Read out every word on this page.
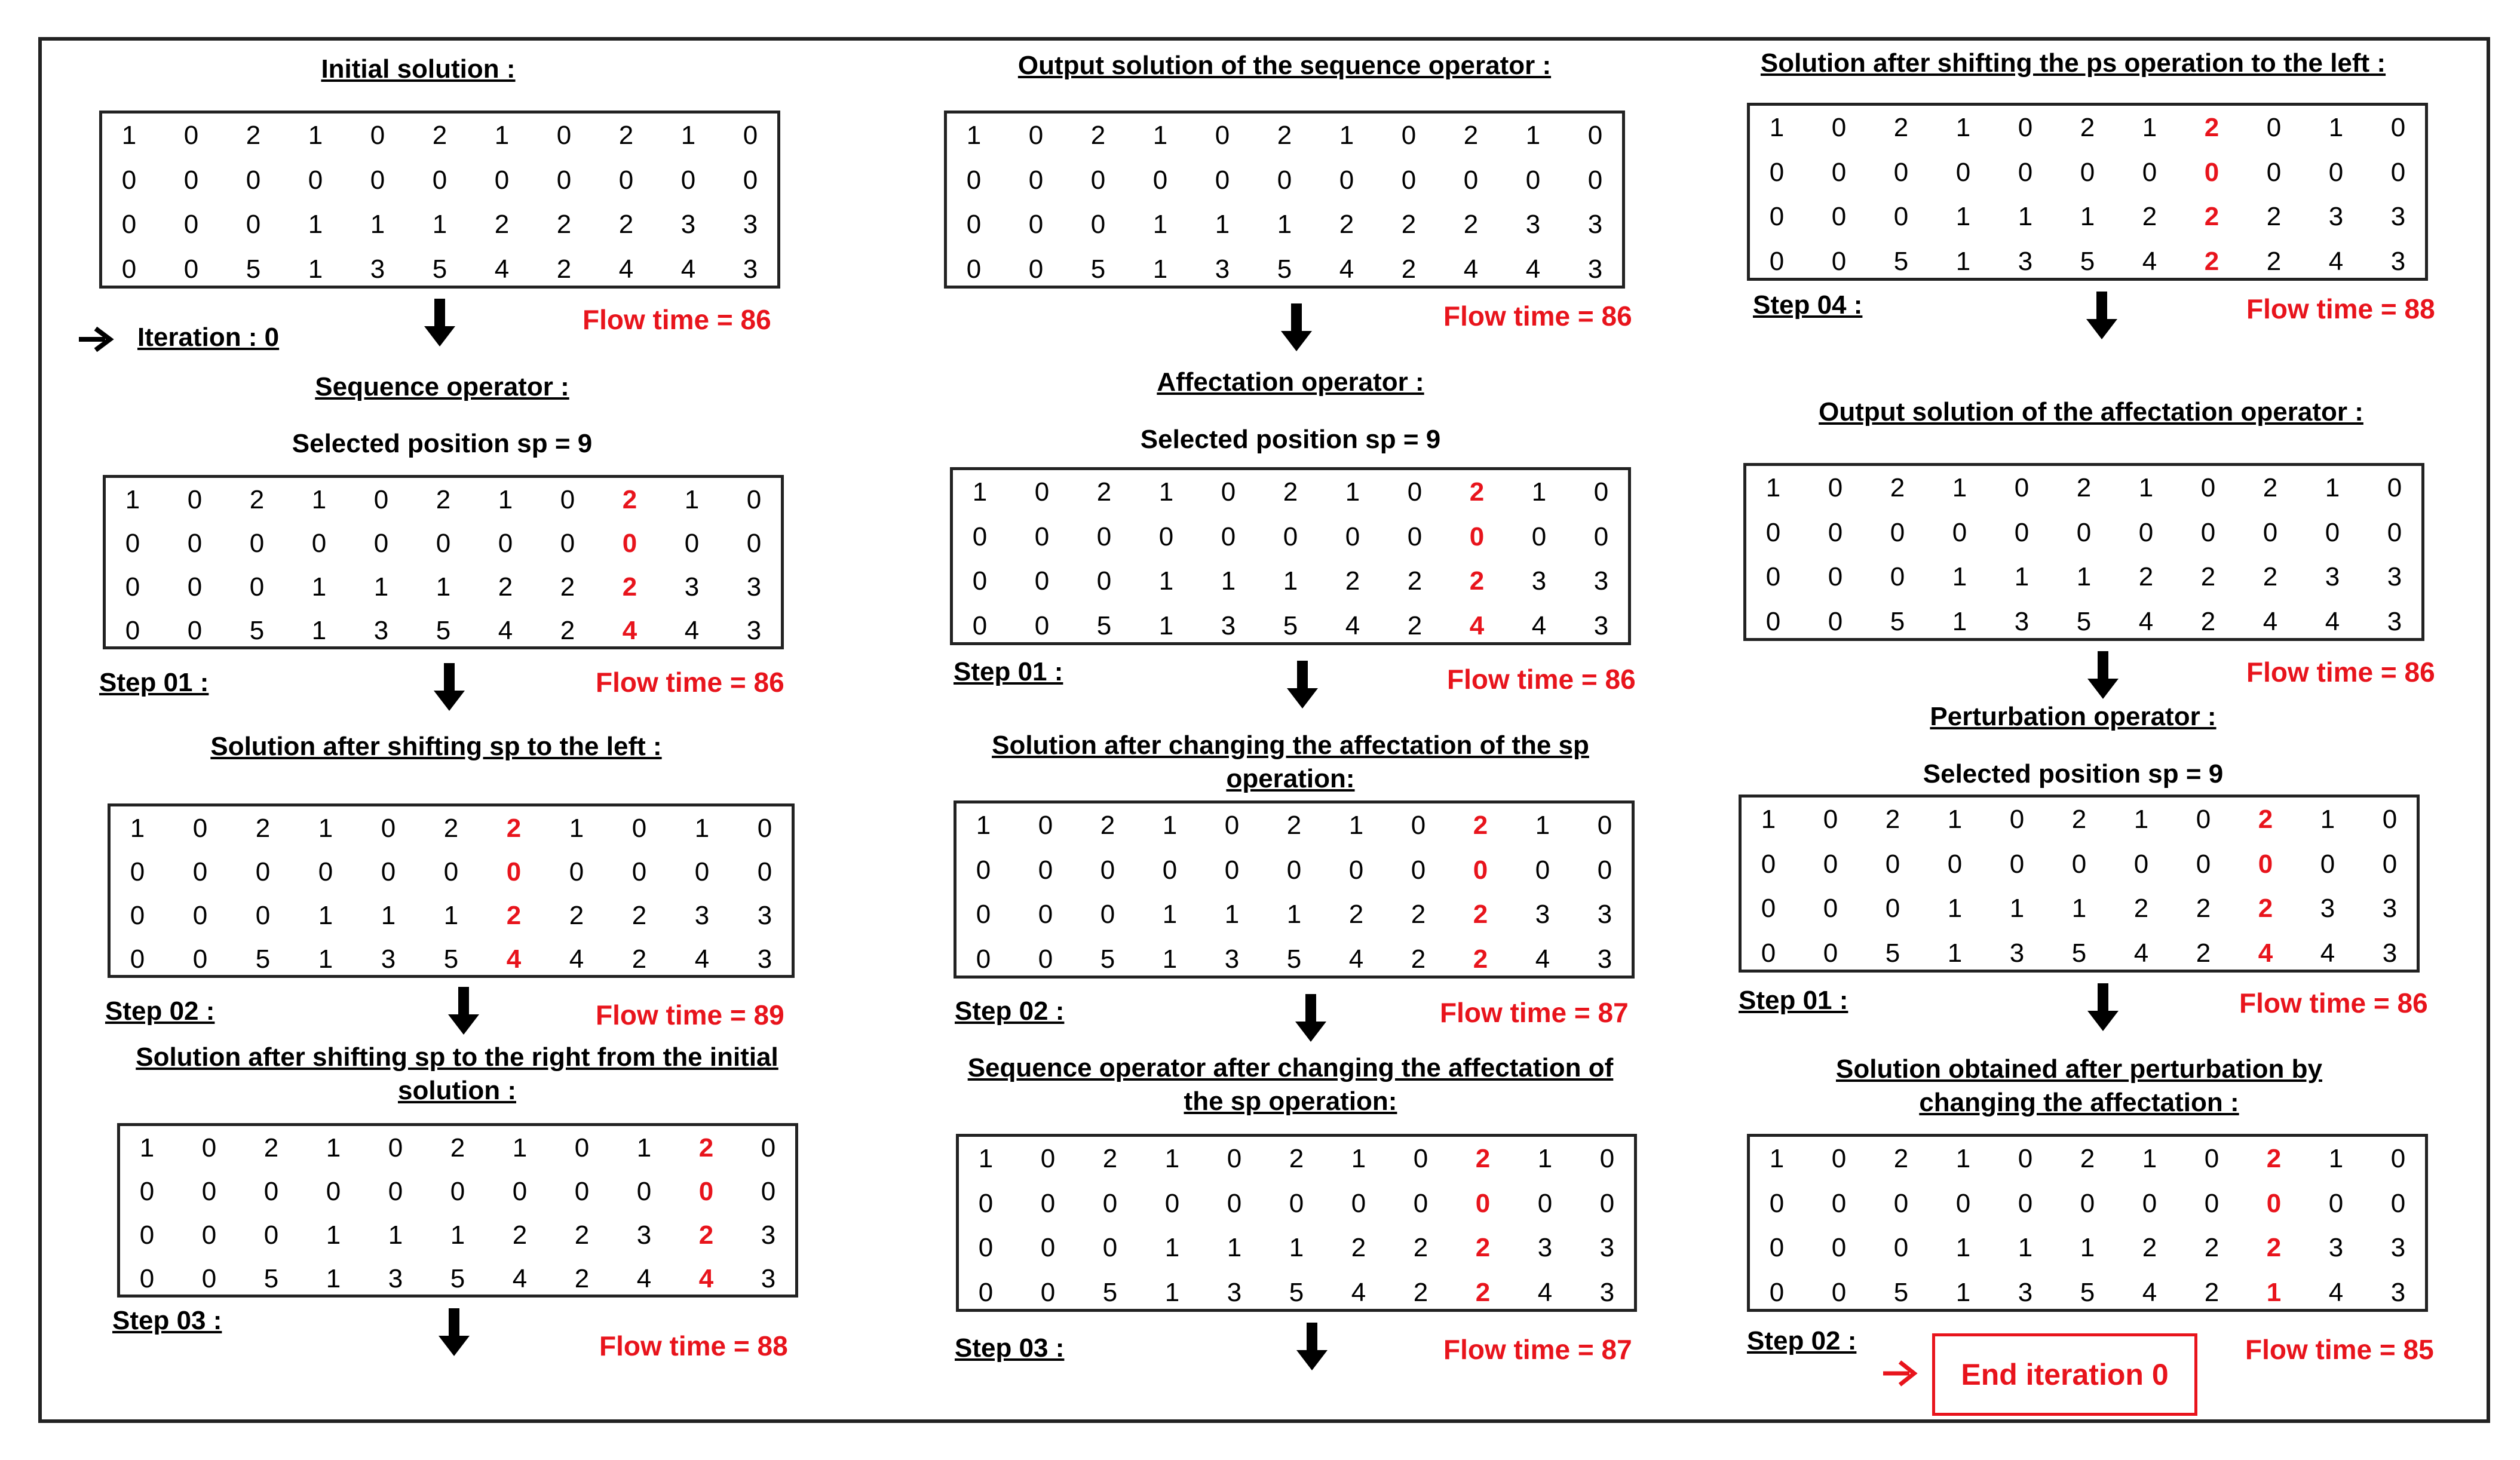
Initial solution :
1 0 2 1 0 2 1 0 2 1 0
0 0 0 0 0 0 0 0 0 0 0
0 0 0 1 1 1 2 2 2 3 3
0 0 5 1 3 5 4 2 4 4 3
Flow time = 86
Sequence operator :
Selected position sp = 9
1 0 2 1 0 2 1 0 2 1 0
0 0 0 0 0 0 0 0 0 0 0
0 0 0 1 1 1 2 2 2 3 3
0 0 5 1 3 5 4 2 4 4 3
Step 01 :	Flow time = 86
Solution after shifting sp to the left :
1 0 2 1 0 2 2 1 0 1 0
0 0 0 0 0 0 0 0 0 0 0
0 0 0 1 1 1 2 2 2 3 3
0 0 5 1 3 5 4 4 2 4 3
Step 02 :	Flow time = 89
Solution after shifting sp to the right from the initial solution :
1 0 2 1 0 2 1 0 1 2 0
0 0 0 0 0 0 0 0 0 0 0
0 0 0 1 1 1 2 2 3 2 3
0 0 5 1 3 5 4 2 4 4 3
Step 03 :
Flow time = 88
Output solution of the sequence operator :
1 0 2 1 0 2 1 0 2 1 0
0 0 0 0 0 0 0 0 0 0 0
0 0 0 1 1 1 2 2 2 3 3
0 0 5 1 3 5 4 2 4 4 3
Flow time = 86
Affectation operator :
Selected position sp = 9
1 0 2 1 0 2 1 0 2 1 0
0 0 0 0 0 0 0 0 0 0 0
0 0 0 1 1 1 2 2 2 3 3
0 0 5 1 3 5 4 2 4 4 3
Step 01 :	Flow time = 86
Solution after changing the affectation of the sp operation:
1 0 2 1 0 2 1 0 2 1 0
0 0 0 0 0 0 0 0 0 0 0
0 0 0 1 1 1 2 2 2 3 3
0 0 5 1 3 5 4 2 2 4 3
Step 02 :	Flow time = 87
Sequence operator after changing the affectation of the sp operation:
1 0 2 1 0 2 1 0 2 1 0
0 0 0 0 0 0 0 0 0 0 0
0 0 0 1 1 1 2 2 2 3 3
0 0 5 1 3 5 4 2 2 4 3
Step 03 :	Flow time = 87
Solution after shifting the ps operation to the left :
1 0 2 1 0 2 1 2 0 1 0
0 0 0 0 0 0 0 0 0 0 0
0 0 0 1 1 1 2 2 2 3 3
0 0 5 1 3 5 4 2 2 4 3
Step 04 :	Flow time = 88
Output solution of the affectation operator :
1 0 2 1 0 2 1 0 2 1 0
0 0 0 0 0 0 0 0 0 0 0
0 0 0 1 1 1 2 2 2 3 3
0 0 5 1 3 5 4 2 4 4 3
Flow time = 86
Perturbation operator :
Selected position sp = 9
1 0 2 1 0 2 1 0 2 1 0
0 0 0 0 0 0 0 0 0 0 0
0 0 0 1 1 1 2 2 2 3 3
0 0 5 1 3 5 4 2 4 4 3
Step 01 :	Flow time = 86
Solution obtained after perturbation by changing the affectation :
1 0 2 1 0 2 1 0 2 1 0
0 0 0 0 0 0 0 0 0 0 0
0 0 0 1 1 1 2 2 2 3 3
0 0 5 1 3 5 4 2 1 4 3
Step 02 :	Flow time = 85
Iteration : 0
End iteration 0
